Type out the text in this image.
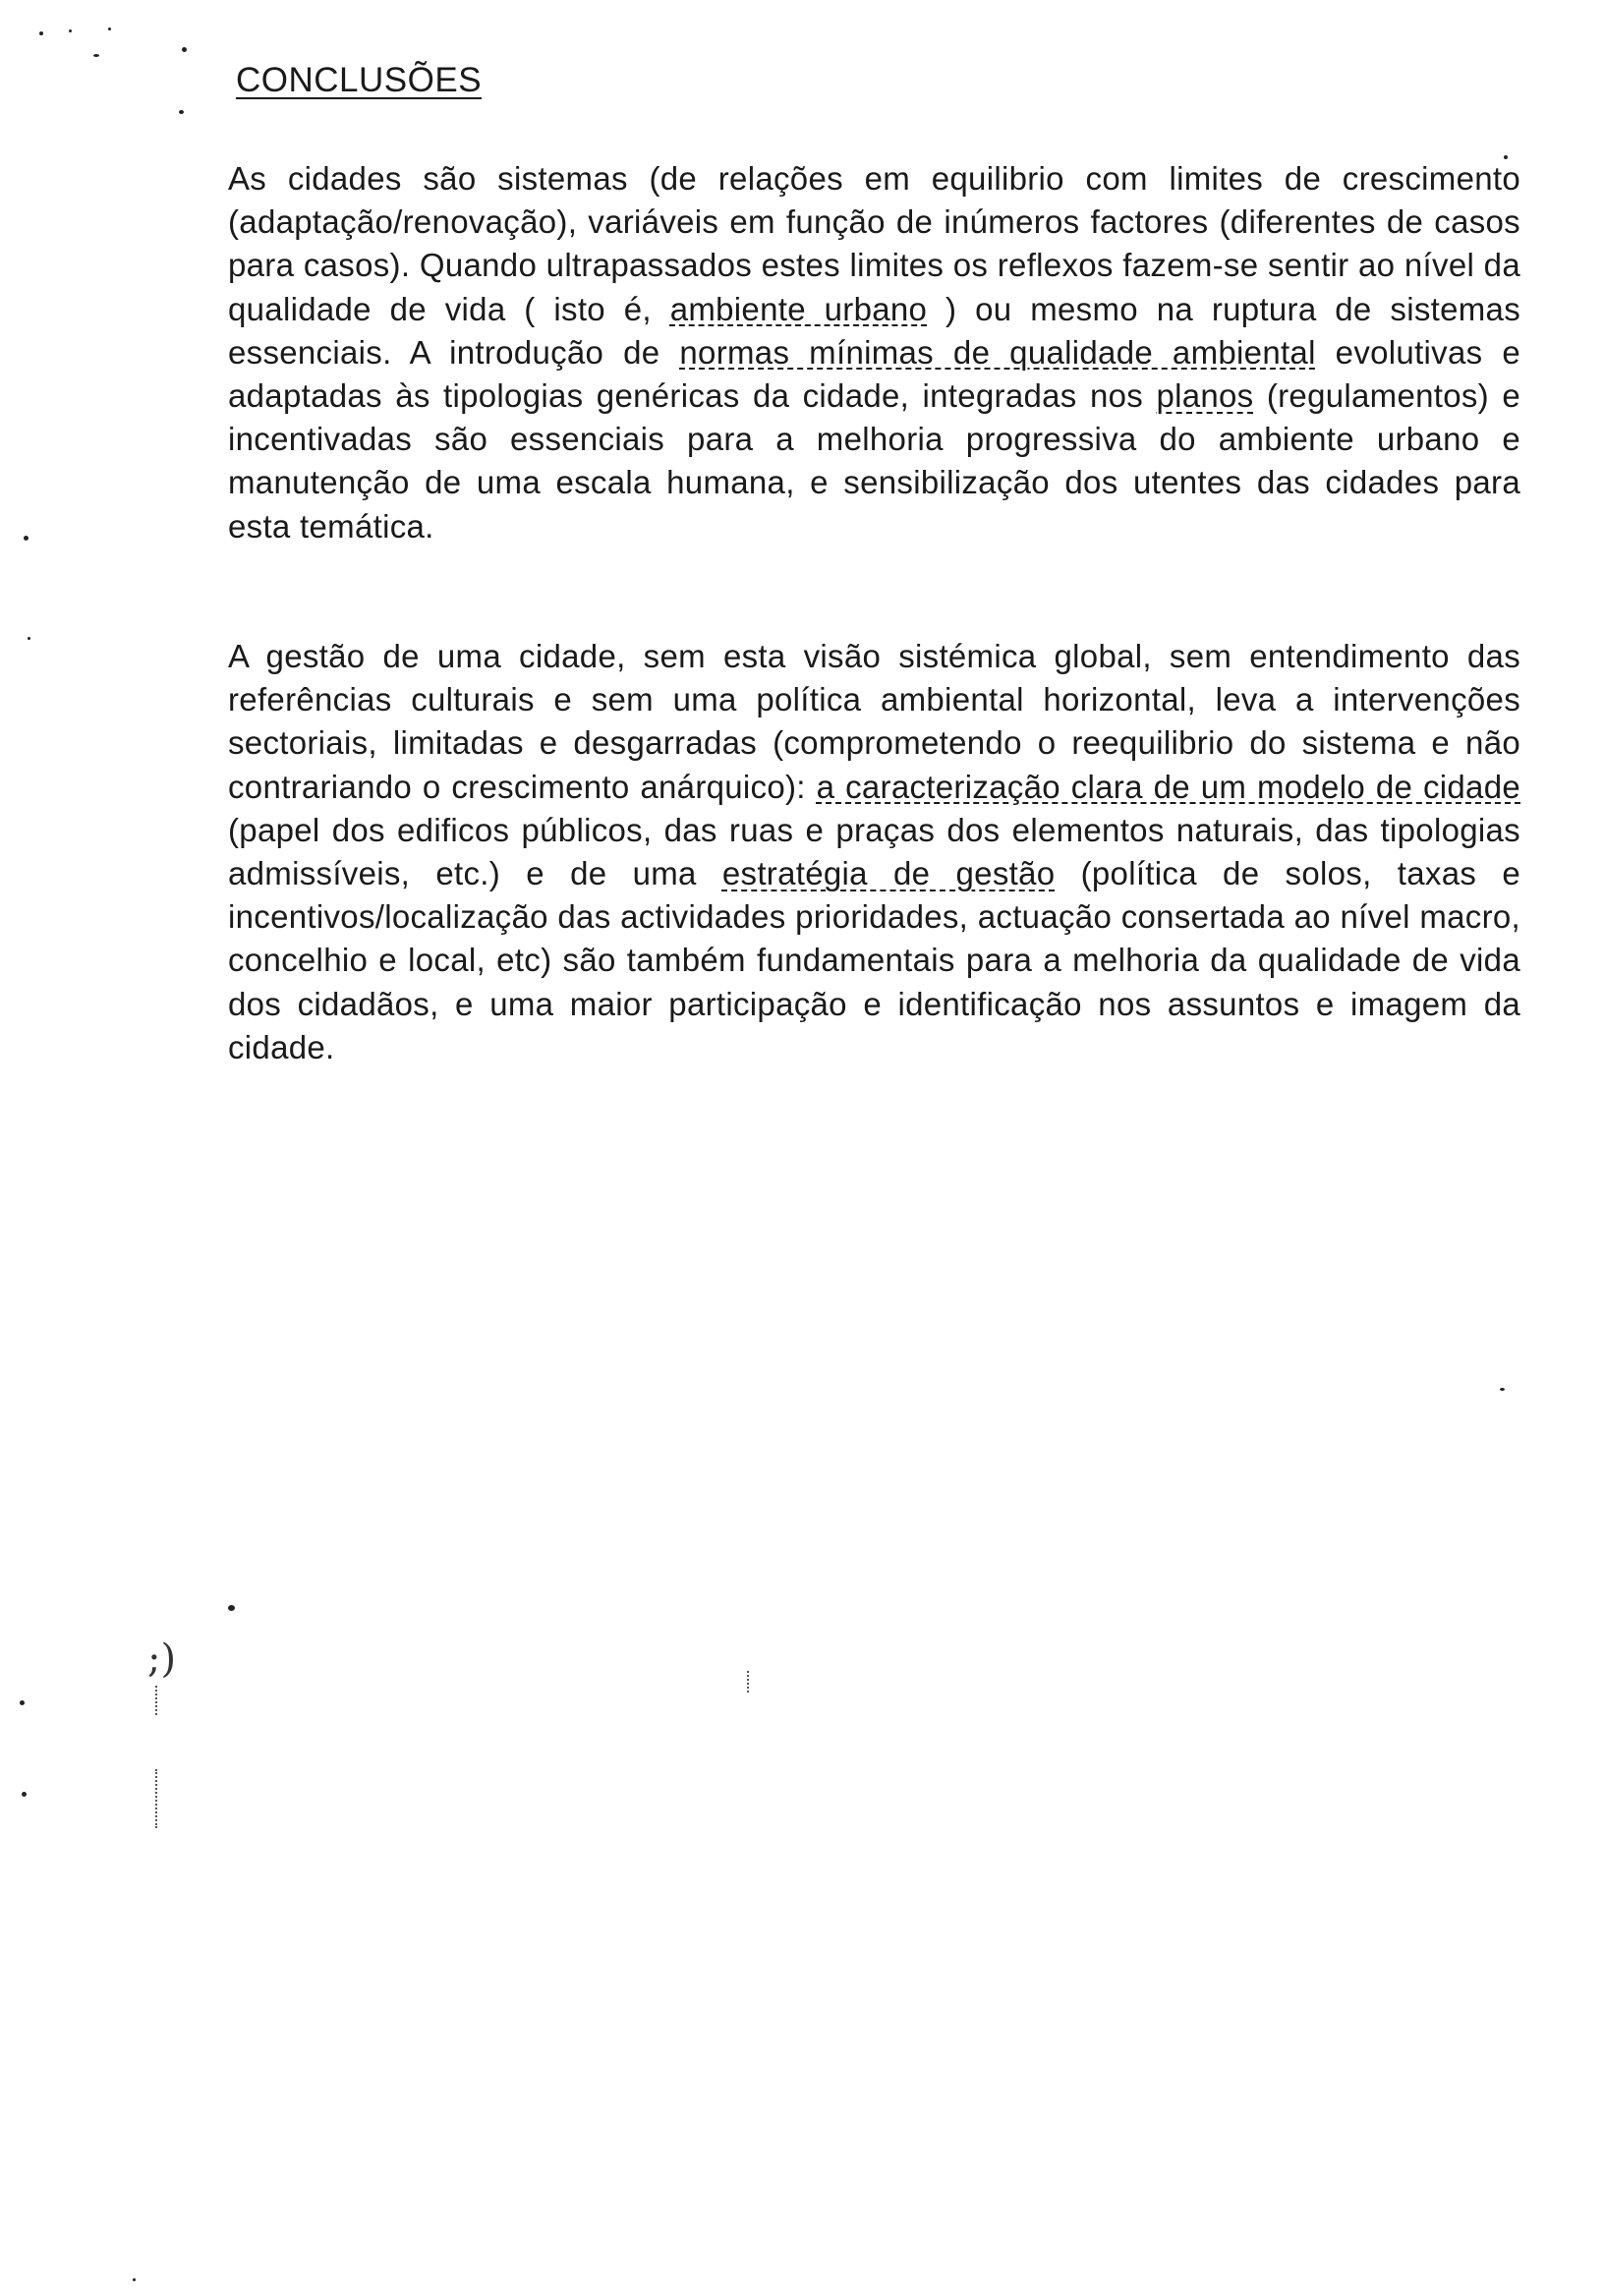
CONCLUSÕES

As cidades são sistemas (de relações em equilibrio com limites de crescimento (adaptação/renovação), variáveis em função de inúmeros factores (diferentes de casos para casos). Quando ultrapassados estes limites os reflexos fazem-se sentir ao nível da qualidade de vida ( isto é, ambiente urbano ) ou mesmo na ruptura de sistemas essenciais. A introdução de normas mínimas de qualidade ambiental evolutivas e adaptadas às tipologias genéricas da cidade, integradas nos planos (regulamentos) e incentivadas são essenciais para a melhoria progressiva do ambiente urbano e manutenção de uma escala humana, e sensibilização dos utentes das cidades para esta temática.

A gestão de uma cidade, sem esta visão sistémica global, sem entendimento das referências culturais e sem uma política ambiental horizontal, leva a intervenções sectoriais, limitadas e desgarradas (comprometendo o reequilibrio do sistema e não contrariando o crescimento anárquico): a caracterização clara de um modelo de cidade (papel dos edificos públicos, das ruas e praças dos elementos naturais, das tipologias admissíveis, etc.) e de uma estratégia de gestão (política de solos, taxas e incentivos/localização das actividades prioridades, actuação consertada ao nível macro, concelhio e local, etc) são também fundamentais para a melhoria da qualidade de vida dos cidadãos, e uma maior participação e identificação nos assuntos e imagem da cidade.

;)
